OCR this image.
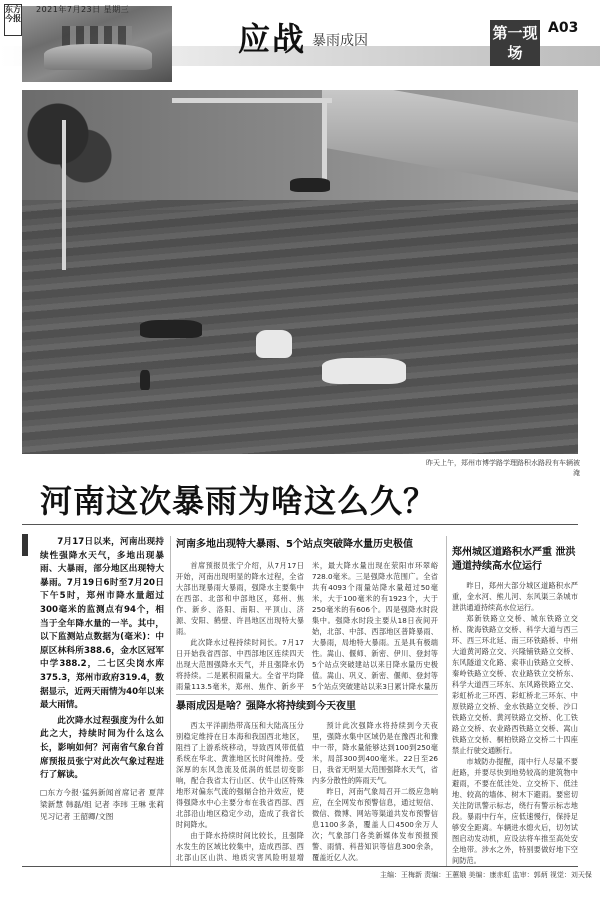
东方今报
2021年7月23日 星期三
应战 暴雨成因	第一现场
A03
昨天上午，郑州市博学路学理路积水路段有车辆被淹
河南这次暴雨为啥这么久？
7月17日以来，河南出现持续性强降水天气，多地出现暴雨、大暴雨，部分地区出现特大暴雨。7月19日6时至7月20日下午5时，郑州市降水量超过300毫米的监测点有94个，相当于全年降水量的一半。其中，以下监测站点数据为(毫米)：中原区林科所388.6，金水区冠军中学388.2，二七区尖岗水库375.3，郑州市政府319.4，数据显示，近两天雨情为40年以来最大雨情。
此次降水过程强度为什么如此之大，持续时间为什么这么长，影响如何？河南省气象台首席预报员张宁对此次气象过程进行了解读。
□东方今报·猛犸新闻首席记者 夏萍 梁新慧 韩磊/组 记者 李玮 王琳 张莉 见习记者 王韶卿/文图
河南多地出现特大暴雨、5个站点突破降水量历史极值
首席预报员张宁介绍，从7月17日开始，河南出现明显的降水过程，全省大部出现暴雨大暴雨，强降水主要集中在西部、北部和中部地区，郑州、焦作、新乡、洛阳、南阳、平顶山、济源、安阳、鹤壁、许昌地区出现特大暴雨。
此次降水过程持续时间长。7月17日开始我省西部、中西部地区连续四天出现大范围强降水天气，并且强降水仍将持续。二是累积雨量大。全省平均降雨量113.5毫米，郑州、焦作、新乡平
米，最大降水量出现在荥阳市环翠峪728.0毫米。三是强降水范围广。全省共有4093个雨量站降水量超过50毫米，大于100毫米的有1923个，大于250毫米的有606个。四是强降水时段集中。强降水时段主要从18日夜间开始，北部、中部、西部地区普降暴雨、大暴雨，局地特大暴雨。五是具有极端性。嵩山、偃师、新密、伊川、登封等5个站点突破建站以来日降水量历史极值。嵩山、巩义、新密、偃师、登封等5个站点突破建站以来3日累计降水量历
暴雨成因是啥？强降水将持续到今天夜里
西太平洋副热带高压和大陆高压分别稳定维持在日本海和我国西北地区，阻挡了上游系统移动，导致西风带低值系统在华北、黄淮地区长时间维持。受深厚的东风急流及低涡的低层切变影响，配合我省太行山区、伏牛山区特殊地形对偏东气流的强辐合抬升效应，使得强降水中心主要分布在我省西部、西北部沿山地区稳定少动，造成了我省长时间降水。
由于降水持续时间比较长，且强降水发生的区域比较集中，造成西部、西北部山区山洪、地质灾害风险明显增
预计此次强降水将持续到今天夜里，强降水集中区域仍是在豫西北和豫中一带，降水量能够达到100到250毫米，局部300到400毫米。22日至26日，我省无明显大范围强降水天气，省内多分散性的阵雨天气。
昨日，河南气象局召开二级应急响应，在全网发布预警信息，通过短信、微信、微博、网站等渠道共发布预警信息1100多条，覆盖人口4500余万人次；气象部门各类新媒体发布预报预警、雨情、科普知识等信息300余条，覆盖近亿人次。
郑州城区道路积水严重 泄洪通道持续高水位运行
昨日，郑州大部分城区道路积水严重，金水河、熊儿河、东风渠三条城市泄洪通道持续高水位运行。
郑新铁路立交桥、城东铁路立交桥、陇海铁路立交桥、科学大道与西三环、西三环北延、南三环铁路桥、中州大道黄河路立交、兴隆铺铁路立交桥、东风隧道文化路、索菲山铁路立交桥、秦岭铁路立交桥、农业路铁立交桥东、科学大道西三环东、东风路铁路立交、彩虹桥北三环西、彩虹桥北三环东、中原铁路立交桥、金水铁路立交桥、沙口铁路立交桥、黄河铁路立交桥、化工铁路立交桥、农业路西铁路立交桥、嵩山铁路立交桥、桐柏铁路立交桥二十四座禁止行驶交通断行。
市城防办提醒，雨中行人尽量不要赶路，并要尽快到地势较高的建筑物中避雨，不要在低洼处、立交桥下、低洼地、较高的墙体、树木下避雨。要密切关注防讯警示标志，绕行有警示标志地段。暴雨中行车，应低速慢行，保持足够安全距离。车辆进水熄火后，切勿试图启动发动机，应设法将车推至高处安全地带。涉水之外，特别要做好地下空间防范。
主编：王梅新 责编：王蕙娥 美编：康赤虹 监审：郭炳 视觉：刘天保
